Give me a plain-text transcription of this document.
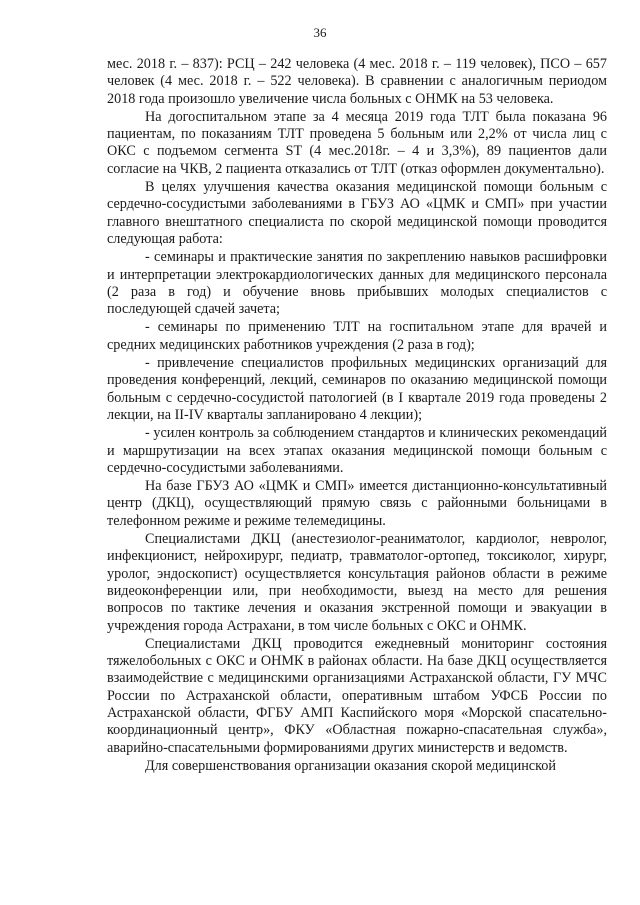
36

мес. 2018 г. – 837): РСЦ – 242 человека (4 мес. 2018 г. – 119 человек), ПСО – 657 человек (4 мес. 2018 г. – 522 человека). В сравнении с аналогичным периодом 2018 года произошло увеличение числа больных с ОНМК на 53 человека.

На догоспитальном этапе за 4 месяца 2019 года ТЛТ была показана 96 пациентам, по показаниям ТЛТ проведена 5 больным или 2,2% от числа лиц с ОКС с подъемом сегмента ST (4 мес.2018г. – 4 и 3,3%), 89 пациентов дали согласие на ЧКВ, 2 пациента отказались от ТЛТ (отказ оформлен документально).

В целях улучшения качества оказания медицинской помощи больным с сердечно-сосудистыми заболеваниями в ГБУЗ АО «ЦМК и СМП» при участии главного внештатного специалиста по скорой медицинской помощи проводится следующая работа:

- семинары и практические занятия по закреплению навыков расшифровки и интерпретации электрокардиологических данных для медицинского персонала (2 раза в год) и обучение вновь прибывших молодых специалистов с последующей сдачей зачета;

- семинары по применению ТЛТ на госпитальном этапе для врачей и средних медицинских работников учреждения (2 раза в год);

- привлечение специалистов профильных медицинских организаций для проведения конференций, лекций, семинаров по оказанию медицинской помощи больным с сердечно-сосудистой патологией (в I квартале 2019 года проведены 2 лекции, на II-IV кварталы запланировано 4 лекции);

- усилен контроль за соблюдением стандартов и клинических рекомендаций и маршрутизации на всех этапах оказания медицинской помощи больным с сердечно-сосудистыми заболеваниями.

На базе ГБУЗ АО «ЦМК и СМП» имеется дистанционно-консультативный центр (ДКЦ), осуществляющий прямую связь с районными больницами в телефонном режиме и режиме телемедицины.

Специалистами ДКЦ (анестезиолог-реаниматолог, кардиолог, невролог, инфекционист, нейрохирург, педиатр, травматолог-ортопед, токсиколог, хирург, уролог, эндоскопист) осуществляется консультация районов области в режиме видеоконференции или, при необходимости, выезд на место для решения вопросов по тактике лечения и оказания экстренной помощи и эвакуации в учреждения города Астрахани, в том числе больных с ОКС и ОНМК.

Специалистами ДКЦ проводится ежедневный мониторинг состояния тяжелобольных с ОКС и ОНМК в районах области. На базе ДКЦ осуществляется взаимодействие с медицинскими организациями Астраханской области, ГУ МЧС России по Астраханской области, оперативным штабом УФСБ России по Астраханской области, ФГБУ АМП Каспийского моря «Морской спасательно-координационный центр», ФКУ «Областная пожарно-спасательная служба», аварийно-спасательными формированиями других министерств и ведомств.

Для совершенствования организации оказания скорой медицинской
